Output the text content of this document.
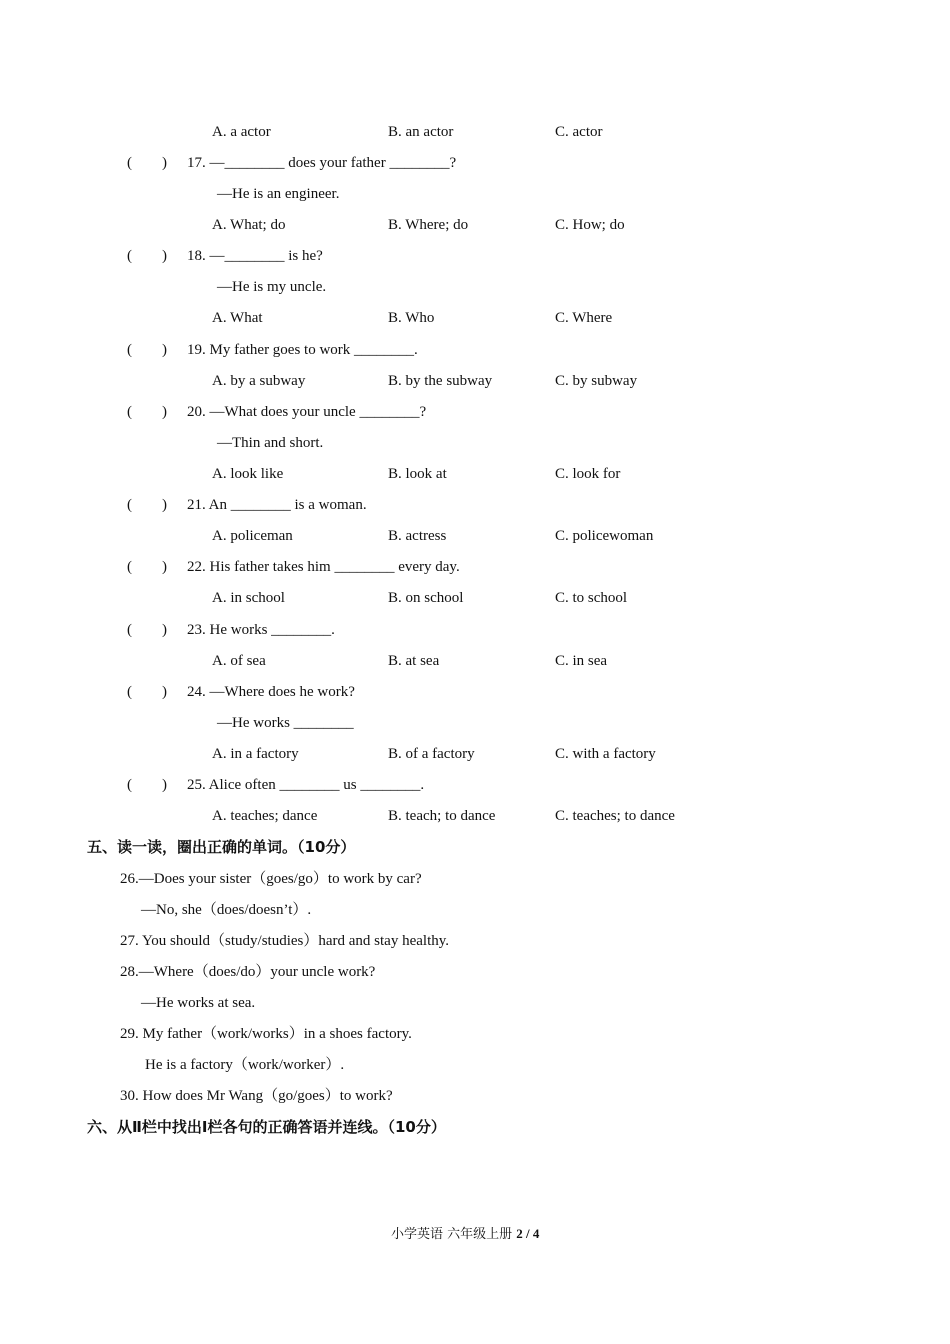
A. a actor	B. an actor	C. actor
(　　) 17. —________ does your father ________?
—He is an engineer.
A. What; do	B. Where; do	C. How; do
(　　) 18. —________ is he?
—He is my uncle.
A. What	B. Who	C. Where
(　　) 19. My father goes to work ________.
A. by a subway	B. by the subway	C. by subway
(　　) 20. —What does your uncle ________?
—Thin and short.
A. look like	B. look at	C. look for
(　　) 21. An ________ is a woman.
A. policeman	B. actress	C. policewoman
(　　) 22. His father takes him ________ every day.
A. in school	B. on school	C. to school
(　　) 23. He works ________.
A. of sea	B. at sea	C. in sea
(　　) 24. —Where does he work?
—He works ________
A. in a factory	B. of a factory	C. with a factory
(　　) 25. Alice often ________ us ________.
A. teaches; dance	B. teach; to dance	C. teaches; to dance
五、读一读，圈出正确的单词。（10分）
26.—Does your sister（goes/go）to work by car?
—No, she（does/doesn’t）.
27. You should（study/studies）hard and stay healthy.
28.—Where（does/do）your uncle work?
—He works at sea.
29. My father（work/works）in a shoes factory.
He is a factory（work/worker）.
30. How does Mr Wang（go/goes）to work?
六、从Ⅱ栏中找出Ⅰ栏各句的正确答语并连线。（10分）
小学英语 六年级上册 2 / 4
